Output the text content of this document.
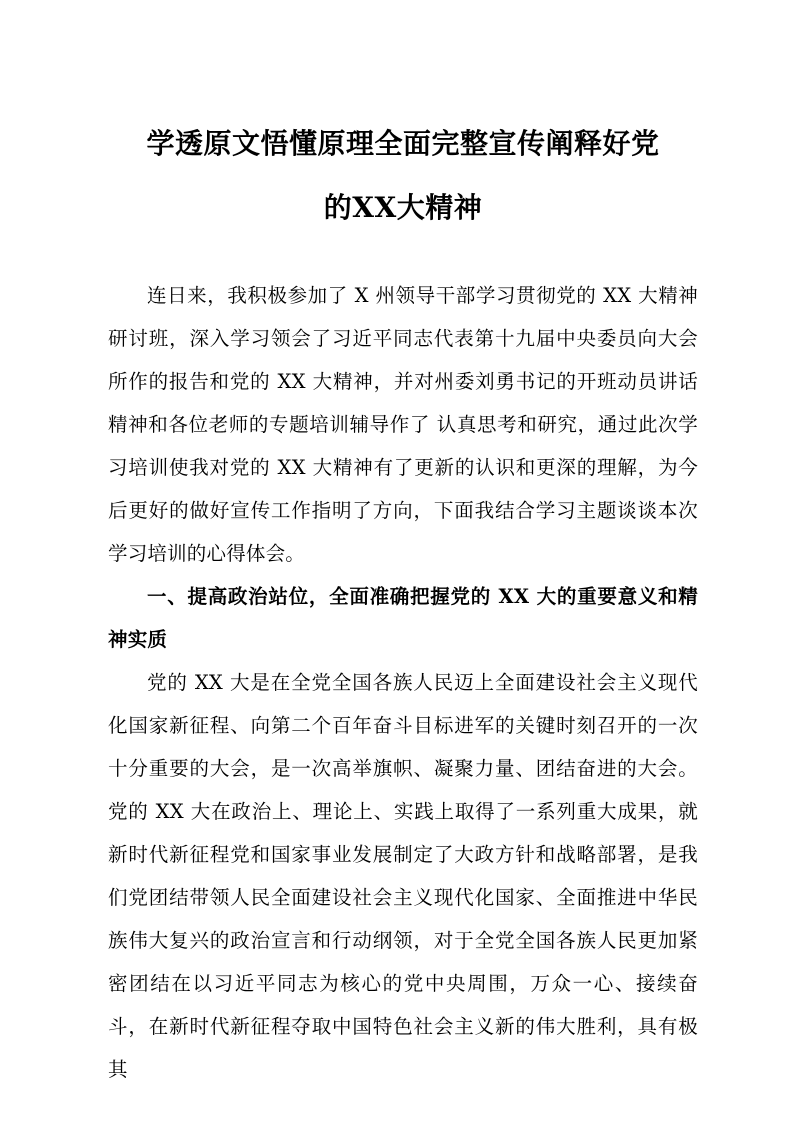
学透原文悟懂原理全面完整宣传阐释好党
的XX大精神

连日来，我积极参加了 X 州领导干部学习贯彻党的 XX 大精神研讨班，深入学习领会了习近平同志代表第十九届中央委员向大会所作的报告和党的 XX 大精神，并对州委刘勇书记的开班动员讲话精神和各位老师的专题培训辅导作了 认真思考和研究，通过此次学习培训使我对党的 XX 大精神有了更新的认识和更深的理解，为今后更好的做好宣传工作指明了方向，下面我结合学习主题谈谈本次学习培训的心得体会。

一、提高政治站位，全面准确把握党的 XX 大的重要意义和精神实质

党的 XX 大是在全党全国各族人民迈上全面建设社会主义现代化国家新征程、向第二个百年奋斗目标进军的关键时刻召开的一次十分重要的大会，是一次高举旗帜、凝聚力量、团结奋进的大会。党的 XX 大在政治上、理论上、实践上取得了一系列重大成果，就新时代新征程党和国家事业发展制定了大政方针和战略部署，是我们党团结带领人民全面建设社会主义现代化国家、全面推进中华民族伟大复兴的政治宣言和行动纲领，对于全党全国各族人民更加紧密团结在以习近平同志为核心的党中央周围，万众一心、接续奋斗，在新时代新征程夺取中国特色社会主义新的伟大胜利，具有极其
